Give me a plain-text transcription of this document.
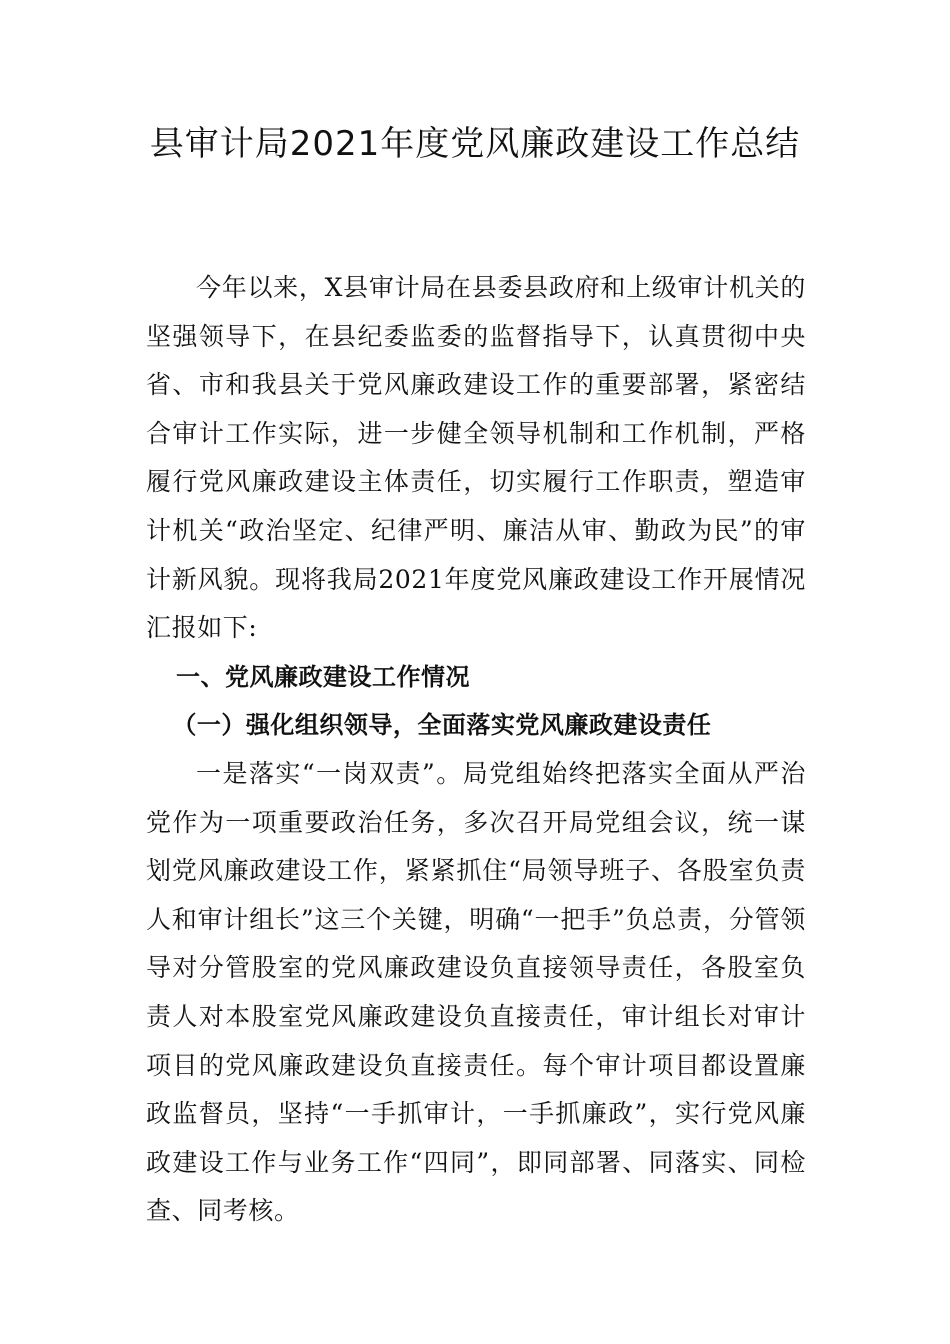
县审计局2021年度党风廉政建设工作总结

今年以来，X县审计局在县委县政府和上级审计机关的坚强领导下，在县纪委监委的监督指导下，认真贯彻中央省、市和我县关于党风廉政建设工作的重要部署，紧密结合审计工作实际，进一步健全领导机制和工作机制，严格履行党风廉政建设主体责任，切实履行工作职责，塑造审计机关“政治坚定、纪律严明、廉洁从审、勤政为民”的审计新风貌。现将我局2021年度党风廉政建设工作开展情况汇报如下:

一、党风廉政建设工作情况

（一）强化组织领导，全面落实党风廉政建设责任

一是落实“一岗双责”。局党组始终把落实全面从严治党作为一项重要政治任务，多次召开局党组会议，统一谋划党风廉政建设工作，紧紧抓住“局领导班子、各股室负责人和审计组长”这三个关键，明确“一把手”负总责，分管领导对分管股室的党风廉政建设负直接领导责任，各股室负责人对本股室党风廉政建设负直接责任，审计组长对审计项目的党风廉政建设负直接责任。每个审计项目都设置廉政监督员，坚持“一手抓审计，一手抓廉政”，实行党风廉政建设工作与业务工作“四同”，即同部署、同落实、同检查、同考核。
